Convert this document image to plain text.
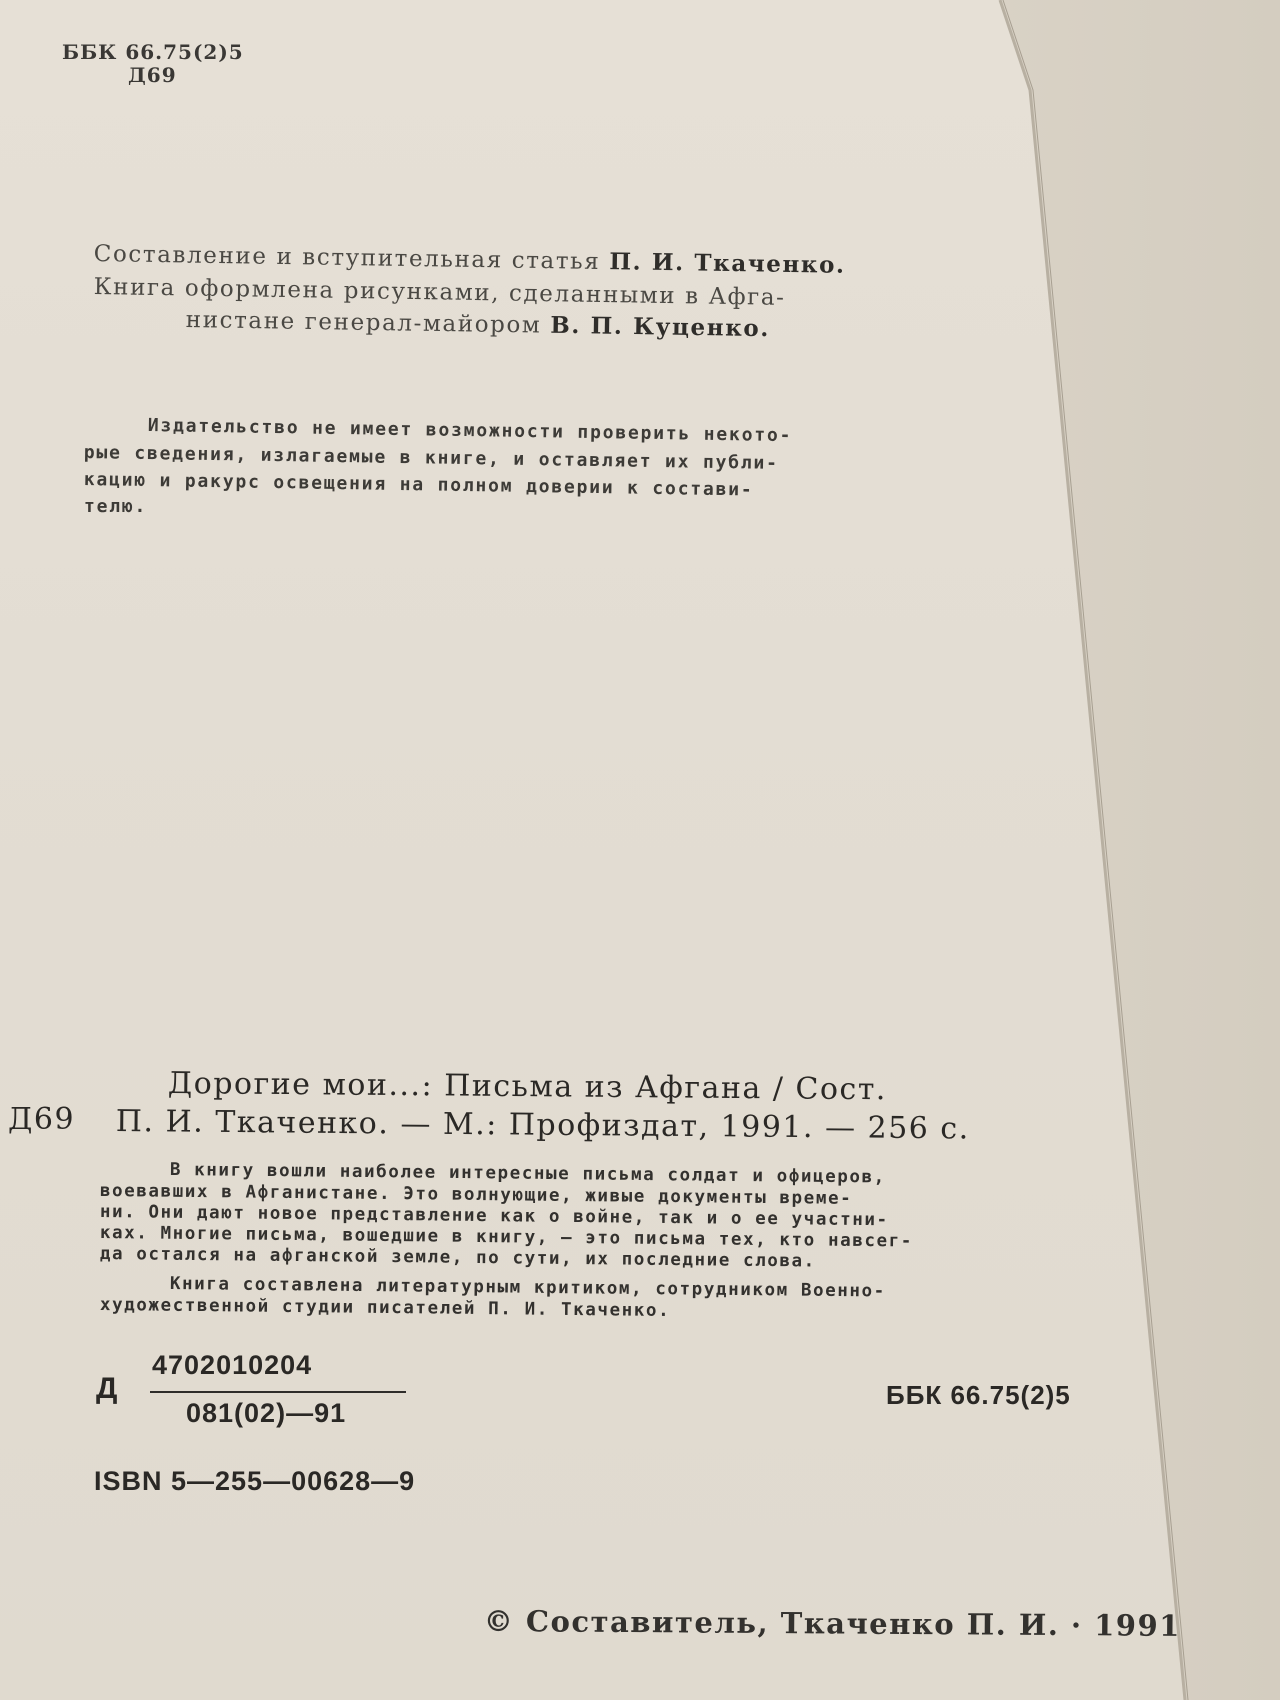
ББК 66.75(2)5
Д69
Составление и вступительная статья П. И. Ткаченко.
Книга оформлена рисунками, сделанными в Афга-
нистане генерал-майором В. П. Куценко.
Издательство не имеет возможности проверить некото-
рые сведения, излагаемые в книге, и оставляет их публи-
кацию и ракурс освещения на полном доверии к состави-
телю.
Дорогие мои...: Письма из Афгана / Сост.
Д69 П. И. Ткаченко. — М.: Профиздат, 1991. — 256 с.
В книгу вошли наиболее интересные письма солдат и офицеров,
воевавших в Афганистане. Это волнующие, живые документы време-
ни. Они дают новое представление как о войне, так и о ее участни-
ках. Многие письма, вошедшие в книгу, — это письма тех, кто навсег-
да остался на афганской земле, по сути, их последние слова.
Книга составлена литературным критиком, сотрудником Военно-
художественной студии писателей П. И. Ткаченко.
Д
4702010204
081(02)—91
ББК 66.75(2)5
ISBN 5—255—00628—9
© Составитель, Ткаченко П. И. · 1991
